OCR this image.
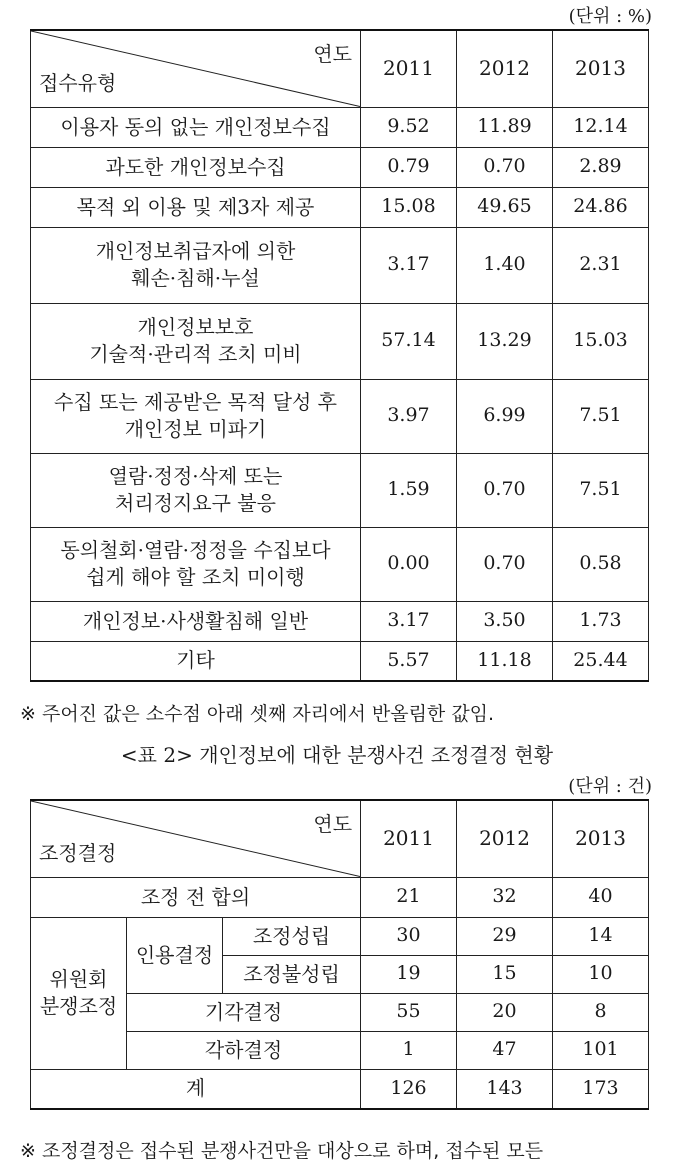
(단위 : %)
연도
접수유형	2011	2012	2013
이용자 동의 없는 개인정보수집	9.52	11.89	12.14
과도한 개인정보수집	0.79	0.70	2.89
목적 외 이용 및 제3자 제공	15.08	49.65	24.86

개인정보취급자에 의한
훼손·침해·누설	3.17	1.40	2.31

개인정보보호
기술적·관리적 조치 미비	57.14	13.29	15.03

수집 또는 제공받은 목적 달성 후
개인정보 미파기	3.97	6.99	7.51

열람·정정·삭제 또는
처리정지요구 불응	1.59	0.70	7.51

동의철회·열람·정정을 수집보다
쉽게 해야 할 조치 미이행	0.00	0.70	0.58
개인정보·사생활침해 일반	3.17	3.50	1.73
기타	5.57	11.18	25.44
※ 주어진 값은 소수점 아래 셋째 자리에서 반올림한 값임.
<표 2> 개인정보에 대한 분쟁사건 조정결정 현황
(단위 : 건)
연도
조정결정			2011	2012	2013
조정 전 합의			21	32	40

위원회
분쟁조정	인용결정	조정성립	30	29	14
		조정불성립	19	15	10
	기각결정		55	20	8
	각하결정		1	47	101
계			126	143	173
※ 조정결정은 접수된 분쟁사건만을 대상으로 하며, 접수된 모든
